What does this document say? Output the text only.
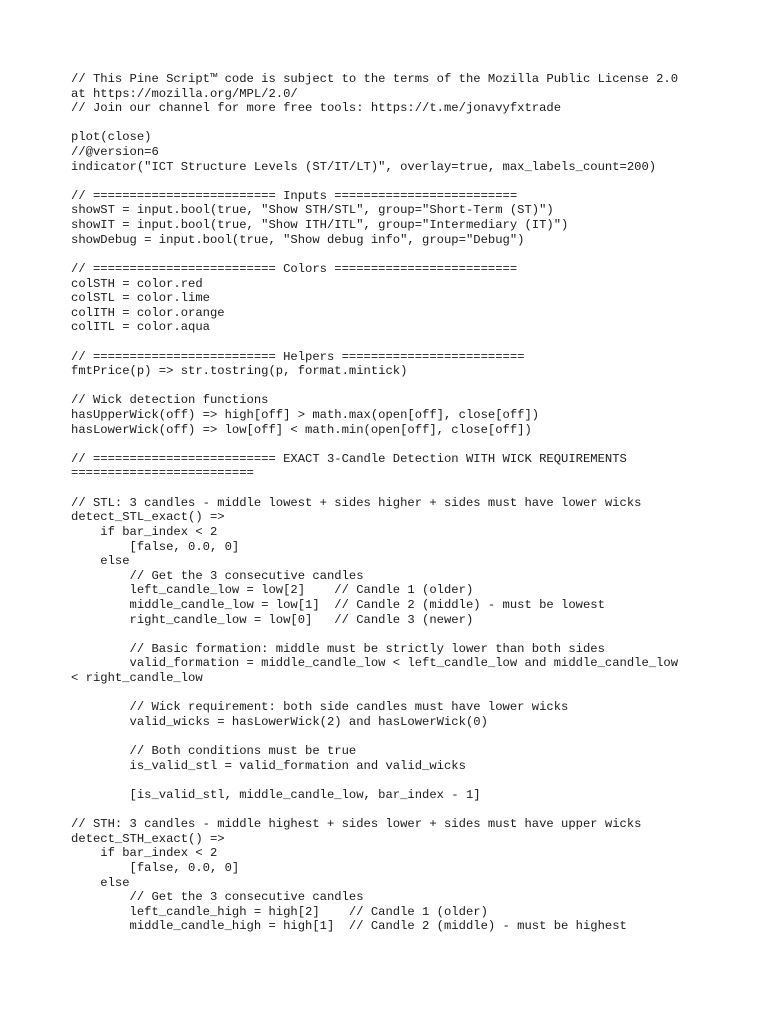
// This Pine Script™ code is subject to the terms of the Mozilla Public License 2.0
at https://mozilla.org/MPL/2.0/
// Join our channel for more free tools: https://t.me/jonavyfxtrade
plot(close)
//@version=6
indicator("ICT Structure Levels (ST/IT/LT)", overlay=true, max_labels_count=200)
// ========================= Inputs =========================
showST = input.bool(true, "Show STH/STL", group="Short-Term (ST)")
showIT = input.bool(true, "Show ITH/ITL", group="Intermediary (IT)")
showDebug = input.bool(true, "Show debug info", group="Debug")
// ========================= Colors =========================
colSTH = color.red
colSTL = color.lime
colITH = color.orange
colITL = color.aqua
// ========================= Helpers =========================
fmtPrice(p) => str.tostring(p, format.mintick)
// Wick detection functions
hasUpperWick(off) => high[off] > math.max(open[off], close[off])
hasLowerWick(off) => low[off] < math.min(open[off], close[off])
// ========================= EXACT 3-Candle Detection WITH WICK REQUIREMENTS
=========================
// STL: 3 candles - middle lowest + sides higher + sides must have lower wicks
detect_STL_exact() =>
if bar_index < 2
[false, 0.0, 0]
else
// Get the 3 consecutive candles
left_candle_low = low[2]    // Candle 1 (older)
middle_candle_low = low[1]  // Candle 2 (middle) - must be lowest
right_candle_low = low[0]   // Candle 3 (newer)
// Basic formation: middle must be strictly lower than both sides
valid_formation = middle_candle_low < left_candle_low and middle_candle_low
< right_candle_low
// Wick requirement: both side candles must have lower wicks
valid_wicks = hasLowerWick(2) and hasLowerWick(0)
// Both conditions must be true
is_valid_stl = valid_formation and valid_wicks
[is_valid_stl, middle_candle_low, bar_index - 1]
// STH: 3 candles - middle highest + sides lower + sides must have upper wicks
detect_STH_exact() =>
if bar_index < 2
[false, 0.0, 0]
else
// Get the 3 consecutive candles
left_candle_high = high[2]    // Candle 1 (older)
middle_candle_high = high[1]  // Candle 2 (middle) - must be highest
